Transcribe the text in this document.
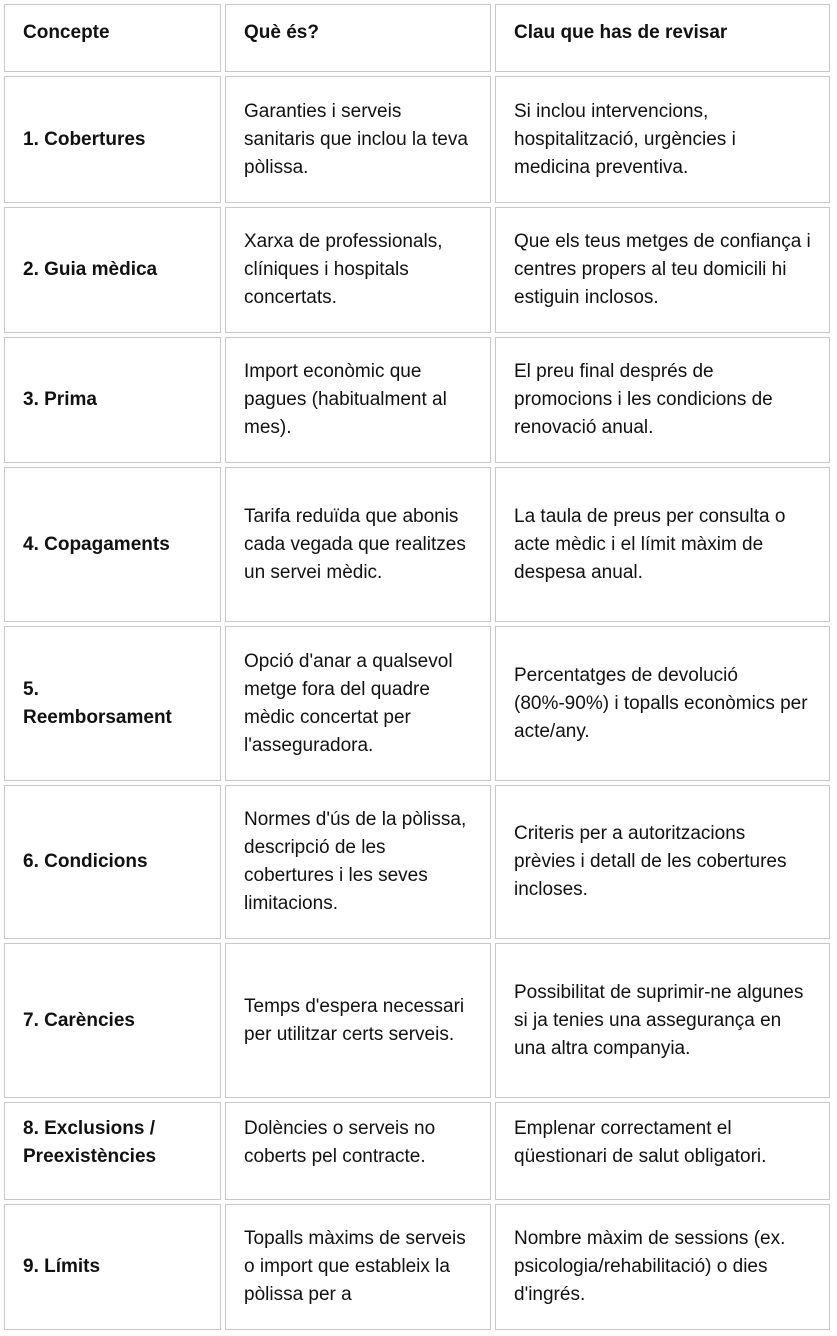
Concepte	Què és?	Clau que has de revisar
1. Cobertures
Garanties i serveis sanitaris que inclou la teva pòlissa.
Si inclou intervencions, hospitalització, urgències i medicina preventiva.
2. Guia mèdica
Xarxa de professionals, clíniques i hospitals concertats.
Que els teus metges de confiança i centres propers al teu domicili hi estiguin inclosos.
3. Prima
Import econòmic que pagues (habitualment al mes).
El preu final després de promocions i les condicions de renovació anual.
4. Copagaments
Tarifa reduïda que abonis cada vegada que realitzes un servei mèdic.
La taula de preus per consulta o acte mèdic i el límit màxim de despesa anual.
5. Reemborsament
Opció d'anar a qualsevol metge fora del quadre mèdic concertat per l'asseguradora.
Percentatges de devolució (80%-90%) i topalls econòmics per acte/any.
6. Condicions
Normes d'ús de la pòlissa, descripció de les cobertures i les seves limitacions.
Criteris per a autoritzacions prèvies i detall de les cobertures incloses.
7. Carències
Temps d'espera necessari per utilitzar certs serveis.
Possibilitat de suprimir-ne algunes si ja tenies una assegurança en una altra companyia.
8. Exclusions / Preexistències
Dolències o serveis no coberts pel contracte.
Emplenar correctament el qüestionari de salut obligatori.
9. Límits
Topalls màxims de serveis o import que estableix la pòlissa per a
Nombre màxim de sessions (ex. psicologia/rehabilitació) o dies d'ingrés.
